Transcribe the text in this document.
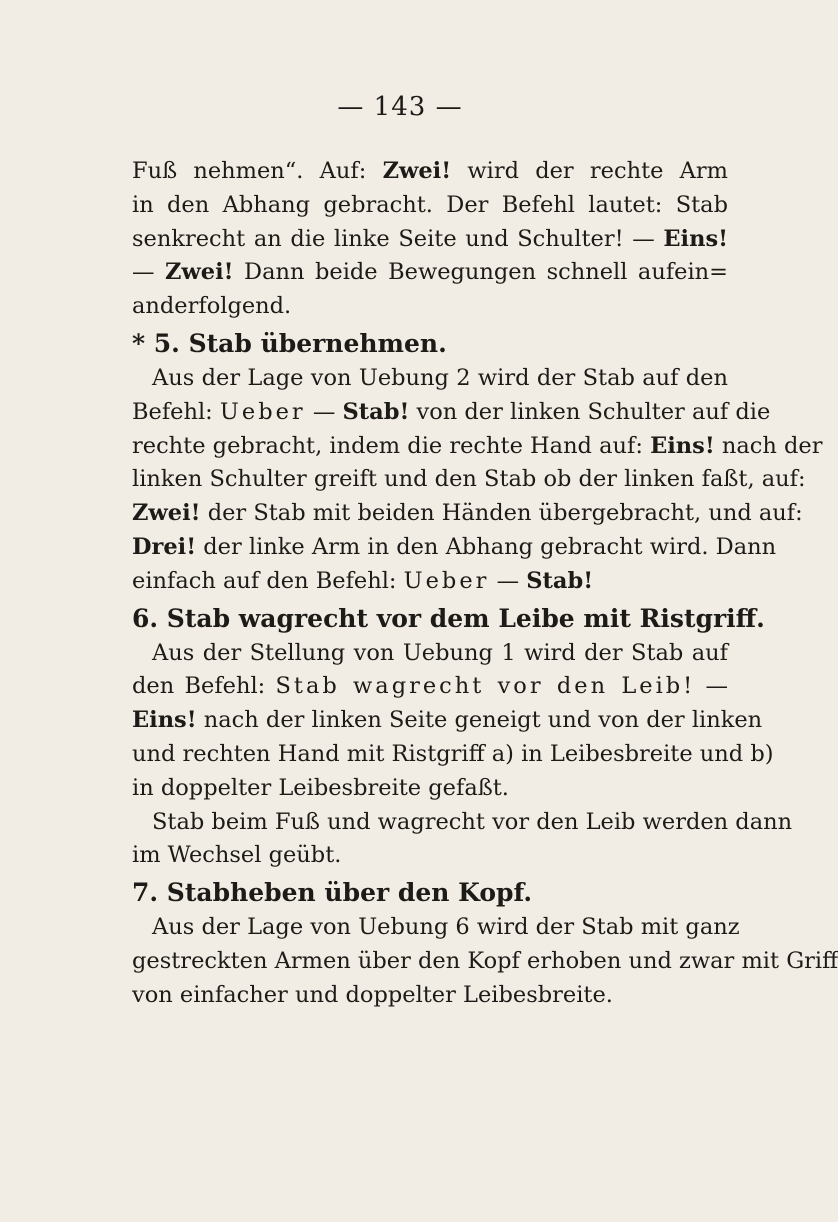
— 143 —
Fuß nehmen“. Auf: Zwei! wird der rechte Arm
in den Abhang gebracht. Der Befehl lautet: Stab
senkrecht an die linke Seite und Schulter! — Eins!
— Zwei! Dann beide Bewegungen schnell aufein=
anderfolgend.
* 5. Stab übernehmen.
Aus der Lage von Uebung 2 wird der Stab auf den
Befehl: Ueber — Stab! von der linken Schulter auf die
rechte gebracht, indem die rechte Hand auf: Eins! nach der
linken Schulter greift und den Stab ob der linken faßt, auf:
Zwei! der Stab mit beiden Händen übergebracht, und auf:
Drei! der linke Arm in den Abhang gebracht wird. Dann
einfach auf den Befehl: Ueber — Stab!
6. Stab wagrecht vor dem Leibe mit Ristgriff.
Aus der Stellung von Uebung 1 wird der Stab auf
den Befehl: Stab wagrecht vor den Leib! —
Eins! nach der linken Seite geneigt und von der linken
und rechten Hand mit Ristgriff a) in Leibesbreite und b)
in doppelter Leibesbreite gefaßt.
Stab beim Fuß und wagrecht vor den Leib werden dann
im Wechsel geübt.
7. Stabheben über den Kopf.
Aus der Lage von Uebung 6 wird der Stab mit ganz
gestreckten Armen über den Kopf erhoben und zwar mit Griff
von einfacher und doppelter Leibesbreite.
